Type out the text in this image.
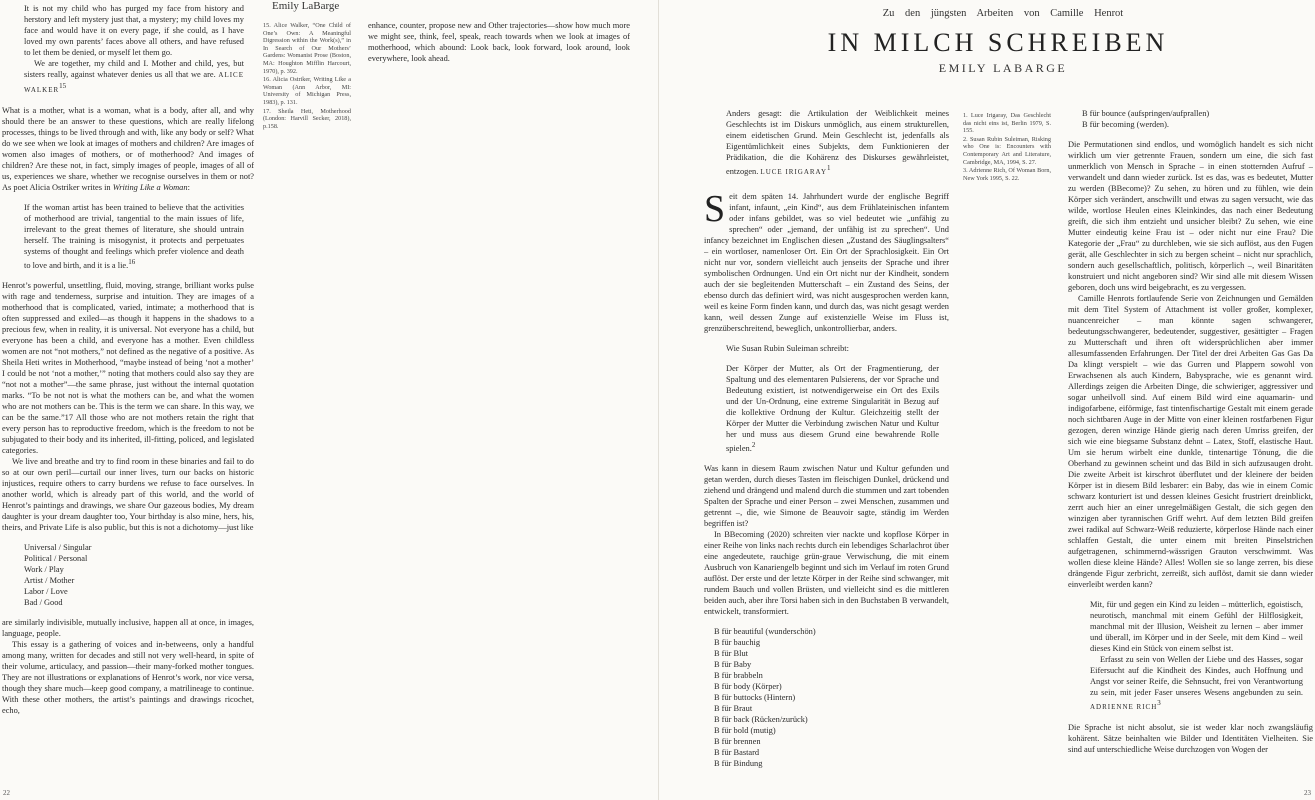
Emily LaBarge

It is not my child who has purged my face from history and herstory and left mystery just that, a mystery; my child loves my face and would have it on every page, if she could, as I have loved my own parents’ faces above all others, and have refused to let them be denied, or myself let them go.

We are together, my child and I. Mother and child, yes, but sisters really, against whatever denies us all that we are. ALICE WALKER$^{15}$

What is a mother, what is a woman, what is a body, after all, and why should there be an answer to these questions, which are really lifelong processes, things to be lived through and with, like any body or self? What do we see when we look at images of mothers and children? Are images of women also images of mothers, or of motherhood? And images of children? Are these not, in fact, simply images of people, images of all of us, experiences we share, whether we recognise ourselves in them or not? As poet Alicia Ostriker writes in Writing Like a Woman:

If the woman artist has been trained to believe that the activities of motherhood are trivial, tangential to the main issues of life, irrelevant to the great themes of literature, she should untrain herself. The training is misogynist, it protects and perpetuates systems of thought and feelings which prefer violence and death to love and birth, and it is a lie.$^{16}$

Henrot’s powerful, unsettling, fluid, moving, strange, brilliant works pulse with rage and tenderness, surprise and intuition. They are images of a motherhood that is complicated, varied, intimate; a motherhood that is often suppressed and exiled—as though it happens in the shadows to a precious few, when in reality, it is universal. Not everyone has a child, but everyone has been a child, and everyone has a mother. Even childless women are not “not mothers,” not defined as the negative of a positive. As Sheila Heti writes in Motherhood, “maybe instead of being ‘not a mother’ I could be not ‘not a mother,’” noting that mothers could also say they are “not not a mother”—the same phrase, just without the internal quotation marks. “To be not not is what the mothers can be, and what the women who are not mothers can be. This is the term we can share. In this way, we can be the same.”17 All those who are not mothers retain the right that every person has to reproductive freedom, which is the freedom to not be subjugated to their body and its inherited, ill-fitting, policed, and legislated categories.

We live and breathe and try to find room in these binaries and fail to do so at our own peril—curtail our inner lives, turn our backs on historic injustices, require others to carry burdens we refuse to face ourselves. In another world, which is already part of this world, and the world of Henrot’s paintings and drawings, we share Our gazeous bodies, My dream daughter is your dream daughter too, Your birthday is also mine, hers, his, theirs, and Private Life is also public, but this is not a dichotomy—just like

Universal / Singular
Political / Personal
Work / Play
Artist / Mother
Labor / Love
Bad / Good

are similarly indivisible, mutually inclusive, happen all at once, in images, language, people.

This essay is a gathering of voices and in-betweens, only a handful among many, written for decades and still not very well-heard, in spite of their volume, articulacy, and passion—their many-forked mother tongues. They are not illustrations or explanations of Henrot’s work, nor vice versa, though they share much—keep good company, a matrilineage to continue. With these other mothers, the artist’s paintings and drawings ricochet, echo,

15. Alice Walker, “One Child of One’s Own: A Meaningful Digression within the Work(s),” in In Search of Our Mothers’ Gardens: Womanist Prose (Boston, MA: Houghton Mifflin Harcourt, 1970), p. 392.

16. Alicia Ostriker, Writing Like a Woman (Ann Arbor, MI: University of Michigan Press, 1983), p. 131.

17. Sheila Heti, Motherhood (London: Harvill Secker, 2018), p.158.

enhance, counter, propose new and Other trajectories—show how much more we might see, think, feel, speak, reach towards when we look at images of motherhood, which abound: Look back, look forward, look around, look everywhere, look ahead.

22
Zu den jüngsten Arbeiten von Camille Henrot
IN MILCH SCHREIBEN
EMILY LABARGE

Anders gesagt: die Artikulation der Weiblichkeit meines Geschlechts ist im Diskurs unmöglich, aus einem strukturellen, einem eidetischen Grund. Mein Geschlecht ist, jedenfalls als Eigentümlichkeit eines Subjekts, dem Funktionieren der Prädikation, die die Kohärenz des Diskurses gewährleistet, entzogen. LUCE IRIGARAY$^1$

Seit dem späten 14. Jahrhundert wurde der englische Begriff infant, infaunt, „ein Kind“, aus dem Frühlateinischen infantem oder infans gebildet, was so viel bedeutet wie „unfähig zu sprechen“ oder „jemand, der unfähig ist zu sprechen“. Und infancy bezeichnet im Englischen diesen „Zustand des Säuglingsalters“ – ein wortloser, namenloser Ort. Ein Ort der Sprachlosigkeit. Ein Ort nicht nur vor, sondern vielleicht auch jenseits der Sprache und ihrer symbolischen Ordnungen. Und ein Ort nicht nur der Kindheit, sondern auch der sie begleitenden Mutterschaft – ein Zustand des Seins, der ebenso durch das definiert wird, was nicht ausgesprochen werden kann, weil es keine Form finden kann, und durch das, was nicht gesagt werden kann, weil dessen Zunge auf existenzielle Weise im Fluss ist, grenzüberschreitend, beweglich, unkontrollierbar, anders.

Wie Susan Rubin Suleiman schreibt:

Der Körper der Mutter, als Ort der Fragmentierung, der Spaltung und des elementaren Pulsierens, der vor Sprache und Bedeutung existiert, ist notwendigerweise ein Ort des Exils und der Un-Ordnung, eine extreme Singularität in Bezug auf die kollektive Ordnung der Kultur. Gleichzeitig stellt der Körper der Mutter die Verbindung zwischen Natur und Kultur her und muss aus diesem Grund eine bewahrende Rolle spielen.$^2$

Was kann in diesem Raum zwischen Natur und Kultur gefunden und getan werden, durch dieses Tasten im fleischigen Dunkel, drückend und ziehend und drängend und malend durch die stummen und zart tobenden Spalten der Sprache und einer Person – zwei Menschen, zusammen und getrennt –, die, wie Simone de Beauvoir sagte, ständig im Werden begriffen ist?

In BBecoming (2020) schreiten vier nackte und kopflose Körper in einer Reihe von links nach rechts durch ein lebendiges Scharlachrot über eine angedeutete, rauchige grün-graue Verwischung, die mit einem Ausbruch von Kanariengelb beginnt und sich im Verlauf im roten Grund auflöst. Der erste und der letzte Körper in der Reihe sind schwanger, mit rundem Bauch und vollen Brüsten, und vielleicht sind es die mittleren beiden auch, aber ihre Torsi haben sich in den Buchstaben B verwandelt, entwickelt, transformiert.

B für beautiful (wunderschön)
B für bauchig
B für Blut
B für Baby
B für brabbeln
B für body (Körper)
B für buttocks (Hintern)
B für Braut
B für back (Rücken/zurück)
B für bold (mutig)
B für brennen
B für Bastard
B für Bindung

1. Luce Irigaray, Das Geschlecht das nicht eins ist, Berlin 1979, S. 155.

2. Susan Rubin Suleiman, Risking who One is: Encounters with Contemporary Art and Literature, Cambridge, MA, 1994, S. 27.

3. Adrienne Rich, Of Woman Born, New York 1995, S. 22.

B für bounce (aufspringen/aufprallen)
B für becoming (werden).

Die Permutationen sind endlos, und womöglich handelt es sich nicht wirklich um vier getrennte Frauen, sondern um eine, die sich fast unmerklich von Mensch in Sprache – in einen stotternden Aufruf – verwandelt und dann wieder zurück. Ist es das, was es bedeutet, Mutter zu werden (BBecome)? Zu sehen, zu hören und zu fühlen, wie dein Körper sich verändert, anschwillt und etwas zu sagen versucht, wie das wilde, wortlose Heulen eines Kleinkindes, das nach einer Bedeutung greift, die sich ihm entzieht und unsicher bleibt? Zu sehen, wie eine Mutter eindeutig keine Frau ist – oder nicht nur eine Frau? Die Kategorie der „Frau“ zu durchleben, wie sie sich auflöst, aus den Fugen gerät, alle Geschlechter in sich zu bergen scheint – nicht nur sprachlich, sondern auch gesellschaftlich, politisch, körperlich –, weil Binaritäten konstruiert und nicht angeboren sind? Wir sind alle mit diesem Wissen geboren, doch uns wird beigebracht, es zu vergessen.

Camille Henrots fortlaufende Serie von Zeichnungen und Gemälden mit dem Titel System of Attachment ist voller großer, komplexer, nuancenreicher – man könnte sagen schwangerer, bedeutungsschwangerer, bedeutender, suggestiver, gesättigter – Fragen zu Mutterschaft und ihren oft widersprüchlichen aber immer allesumfassenden Erfahrungen. Der Titel der drei Arbeiten Gas Gas Da Da klingt verspielt – wie das Gurren und Plappern sowohl von Erwachsenen als auch Kindern, Babysprache, wie es genannt wird. Allerdings zeigen die Arbeiten Dinge, die schwieriger, aggressiver und sogar unheilvoll sind. Auf einem Bild wird eine aquamarin- und indigofarbene, eiförmige, fast tintenfischartige Gestalt mit einem gerade noch sichtbaren Auge in der Mitte von einer kleinen rostfarbenen Figur gezogen, deren winzige Hände gierig nach deren Umriss greifen, der sich wie eine biegsame Substanz dehnt – Latex, Stoff, elastische Haut. Um sie herum wirbelt eine dunkle, tintenartige Tönung, die die Oberhand zu gewinnen scheint und das Bild in sich aufzusaugen droht. Die zweite Arbeit ist kirschrot überflutet und der kleinere der beiden Körper ist in diesem Bild lesbarer: ein Baby, das wie in einem Comic schwarz konturiert ist und dessen kleines Gesicht frustriert dreinblickt, zerrt auch hier an einer unregelmäßigen Gestalt, die sich gegen den winzigen aber tyrannischen Griff wehrt. Auf dem letzten Bild greifen zwei radikal auf Schwarz-Weiß reduzierte, körperlose Hände nach einer schlaffen Gestalt, die unter einem mit breiten Pinselstrichen aufgetragenen, schimmernd-wässrigen Grauton verschwimmt. Was wollen diese kleine Hände? Alles! Wollen sie so lange zerren, bis diese drängende Figur zerbricht, zerreißt, sich auflöst, damit sie dann wieder einverleibt werden kann?

Mit, für und gegen ein Kind zu leiden – mütterlich, egoistisch, neurotisch, manchmal mit einem Gefühl der Hilflosigkeit, manchmal mit der Illusion, Weisheit zu lernen – aber immer und überall, im Körper und in der Seele, mit dem Kind – weil dieses Kind ein Stück von einem selbst ist.

Erfasst zu sein von Wellen der Liebe und des Hasses, sogar Eifersucht auf die Kindheit des Kindes, auch Hoffnung und Angst vor seiner Reife, die Sehnsucht, frei von Verantwortung zu sein, mit jeder Faser unseres Wesens angebunden zu sein. ADRIENNE RICH$^3$

Die Sprache ist nicht absolut, sie ist weder klar noch zwangsläufig kohärent. Sätze beinhalten wie Bilder und Identitäten Vielheiten. Sie sind auf unterschiedliche Weise durchzogen von Wogen der

23
